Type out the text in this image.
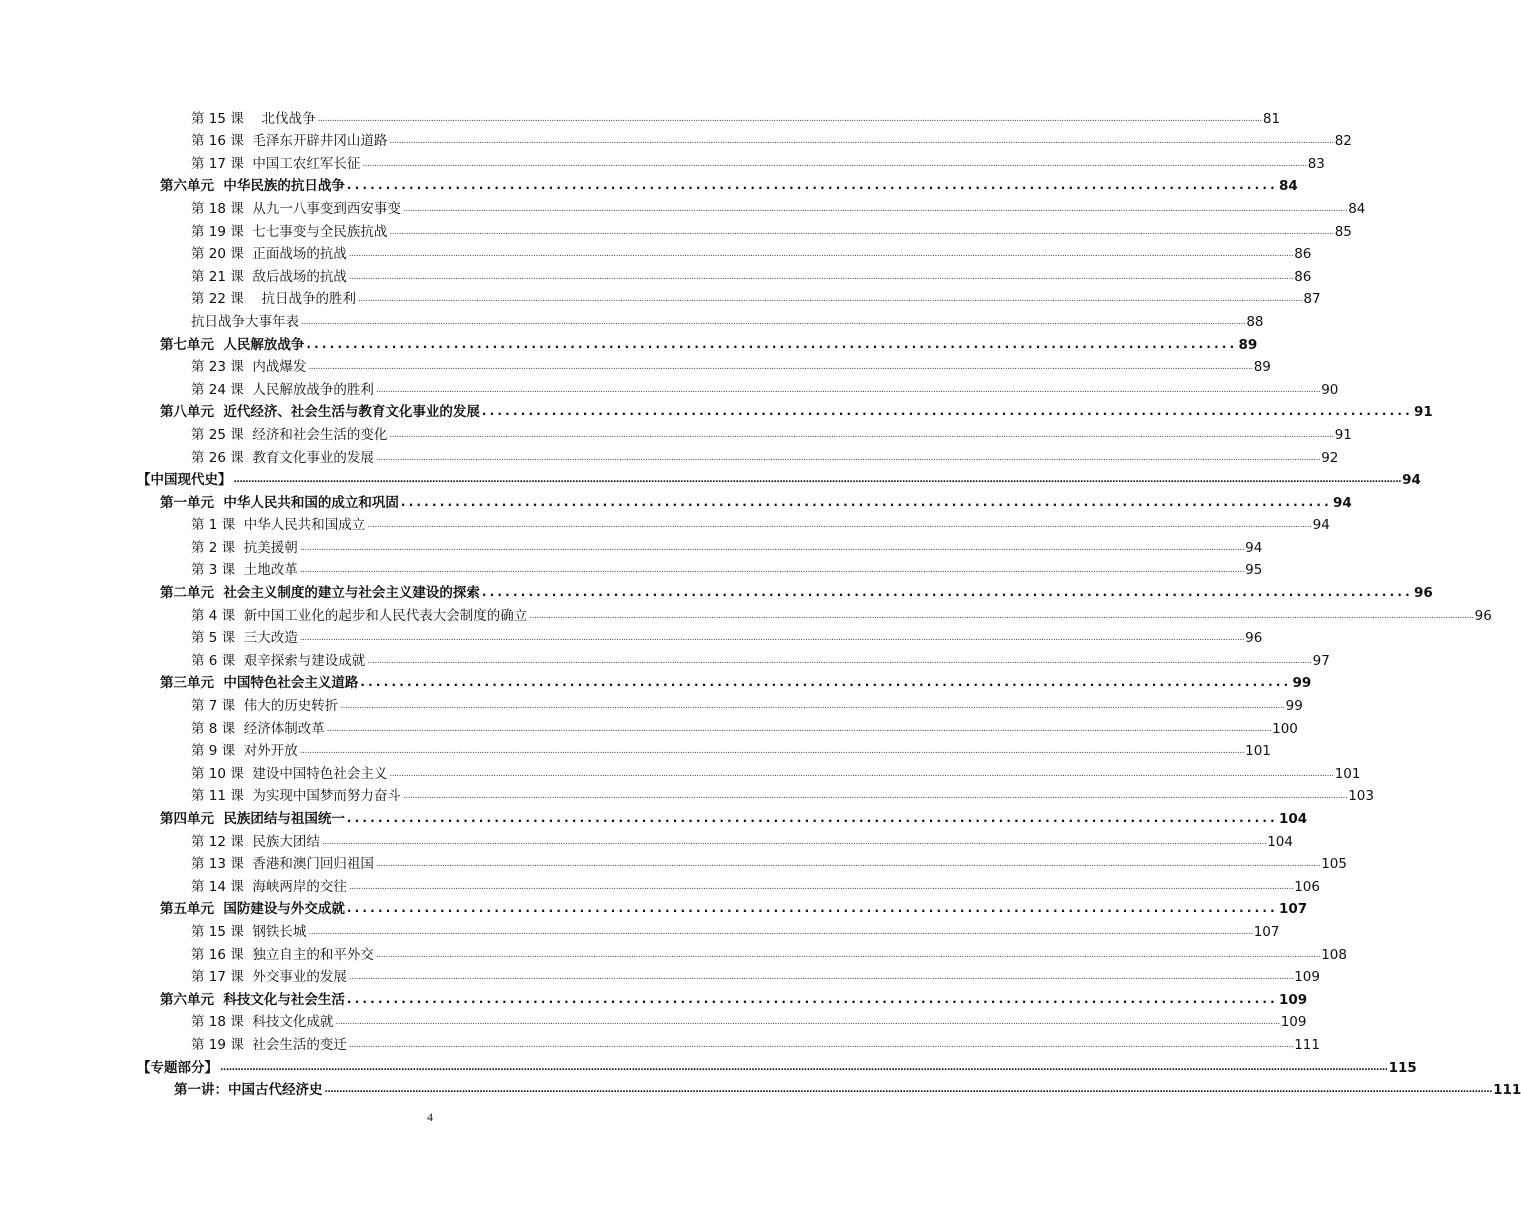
第 15 课　 北伐战争 ................................................................................................................................................................................................................................................................................................................................................................................................................ 81
第 16 课  毛泽东开辟井冈山道路 ................................................................................................................................................................................................................................................................................................................................................................................................................ 82
第 17 课  中国工农红军长征 ................................................................................................................................................................................................................................................................................................................................................................................................................ 83
第六单元  中华民族的抗日战争 ........................................................................................................................ 84
第 18 课  从九一八事变到西安事变 ................................................................................................................................................................................................................................................................................................................................................................................................................ 84
第 19 课  七七事变与全民族抗战 ................................................................................................................................................................................................................................................................................................................................................................................................................ 85
第 20 课  正面战场的抗战 ................................................................................................................................................................................................................................................................................................................................................................................................................ 86
第 21 课  敌后战场的抗战 ................................................................................................................................................................................................................................................................................................................................................................................................................ 86
第 22 课　 抗日战争的胜利 ................................................................................................................................................................................................................................................................................................................................................................................................................ 87
抗日战争大事年表 ................................................................................................................................................................................................................................................................................................................................................................................................................ 88
第七单元  人民解放战争 ........................................................................................................................ 89
第 23 课  内战爆发 ................................................................................................................................................................................................................................................................................................................................................................................................................ 89
第 24 课  人民解放战争的胜利 ................................................................................................................................................................................................................................................................................................................................................................................................................ 90
第八单元  近代经济、社会生活与教育文化事业的发展 ........................................................................................................................ 91
第 25 课  经济和社会生活的变化 ................................................................................................................................................................................................................................................................................................................................................................................................................ 91
第 26 课  教育文化事业的发展 ................................................................................................................................................................................................................................................................................................................................................................................................................ 92
【中国现代史】 ................................................................................................................................................................................................................................................................................................................................................................................................................ 94
第一单元  中华人民共和国的成立和巩固 ........................................................................................................................ 94
第 1 课  中华人民共和国成立 ................................................................................................................................................................................................................................................................................................................................................................................................................ 94
第 2 课  抗美援朝 ................................................................................................................................................................................................................................................................................................................................................................................................................ 94
第 3 课  土地改革 ................................................................................................................................................................................................................................................................................................................................................................................................................ 95
第二单元  社会主义制度的建立与社会主义建设的探索 ........................................................................................................................ 96
第 4 课  新中国工业化的起步和人民代表大会制度的确立 ................................................................................................................................................................................................................................................................................................................................................................................................................ 96
第 5 课  三大改造 ................................................................................................................................................................................................................................................................................................................................................................................................................ 96
第 6 课  艰辛探索与建设成就 ................................................................................................................................................................................................................................................................................................................................................................................................................ 97
第三单元  中国特色社会主义道路 ........................................................................................................................ 99
第 7 课  伟大的历史转折 ................................................................................................................................................................................................................................................................................................................................................................................................................ 99
第 8 课  经济体制改革 ................................................................................................................................................................................................................................................................................................................................................................................................................ 100
第 9 课  对外开放 ................................................................................................................................................................................................................................................................................................................................................................................................................ 101
第 10 课  建设中国特色社会主义 ................................................................................................................................................................................................................................................................................................................................................................................................................ 101
第 11 课  为实现中国梦而努力奋斗 ................................................................................................................................................................................................................................................................................................................................................................................................................ 103
第四单元  民族团结与祖国统一 ........................................................................................................................ 104
第 12 课  民族大团结 ................................................................................................................................................................................................................................................................................................................................................................................................................ 104
第 13 课  香港和澳门回归祖国 ................................................................................................................................................................................................................................................................................................................................................................................................................ 105
第 14 课  海峡两岸的交往 ................................................................................................................................................................................................................................................................................................................................................................................................................ 106
第五单元  国防建设与外交成就 ........................................................................................................................ 107
第 15 课  钢铁长城 ................................................................................................................................................................................................................................................................................................................................................................................................................ 107
第 16 课  独立自主的和平外交 ................................................................................................................................................................................................................................................................................................................................................................................................................ 108
第 17 课  外交事业的发展 ................................................................................................................................................................................................................................................................................................................................................................................................................ 109
第六单元  科技文化与社会生活 ........................................................................................................................ 109
第 18 课  科技文化成就 ................................................................................................................................................................................................................................................................................................................................................................................................................ 109
第 19 课  社会生活的变迁 ................................................................................................................................................................................................................................................................................................................................................................................................................ 111
【专题部分】 ................................................................................................................................................................................................................................................................................................................................................................................................................ 115
第一讲：中国古代经济史 ................................................................................................................................................................................................................................................................................................................................................................................................................ 111
4
